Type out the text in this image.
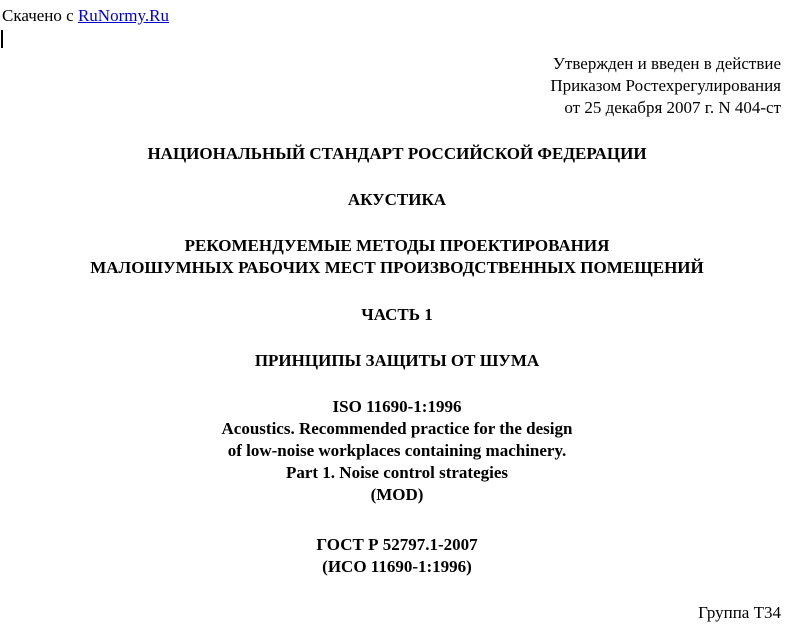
Скачено с RuNormy.Ru
Утвержден и введен в действие
Приказом Ростехрегулирования
от 25 декабря 2007 г. N 404-ст
НАЦИОНАЛЬНЫЙ СТАНДАРТ РОССИЙСКОЙ ФЕДЕРАЦИИ
АКУСТИКА
РЕКОМЕНДУЕМЫЕ МЕТОДЫ ПРОЕКТИРОВАНИЯ
МАЛОШУМНЫХ РАБОЧИХ МЕСТ ПРОИЗВОДСТВЕННЫХ ПОМЕЩЕНИЙ
ЧАСТЬ 1
ПРИНЦИПЫ ЗАЩИТЫ ОТ ШУМА
ISO 11690-1:1996
Acoustics. Recommended practice for the design
of low-noise workplaces containing machinery.
Part 1. Noise control strategies
(MOD)
ГОСТ Р 52797.1-2007
(ИСО 11690-1:1996)
Группа Т34
